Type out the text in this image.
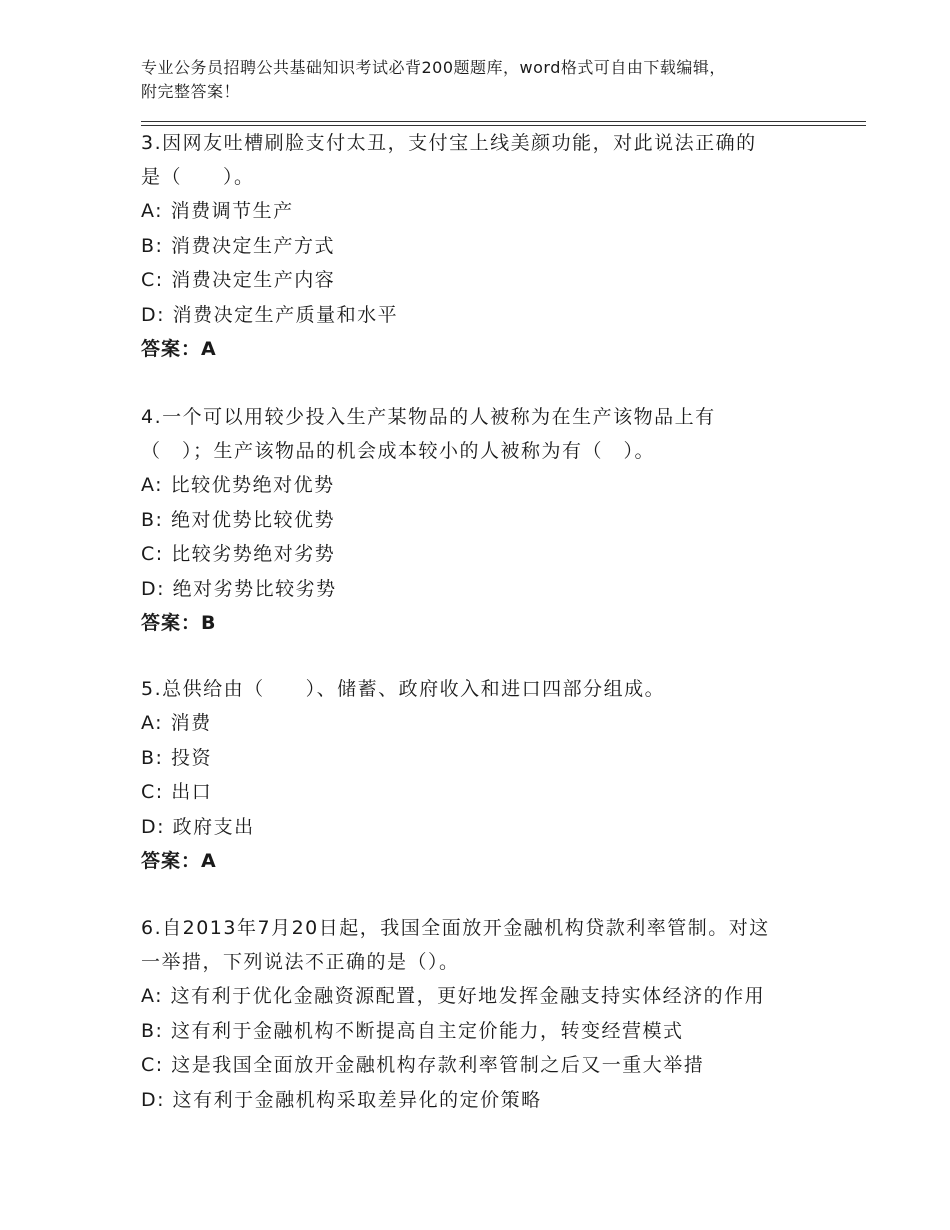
专业公务员招聘公共基础知识考试必背200题题库，word格式可自由下载编辑，
附完整答案！
3.因网友吐槽刷脸支付太丑，支付宝上线美颜功能，对此说法正确的
是（　　）。
A: 消费调节生产
B: 消费决定生产方式
C: 消费决定生产内容
D: 消费决定生产质量和水平
答案：A
4.一个可以用较少投入生产某物品的人被称为在生产该物品上有
（　）；生产该物品的机会成本较小的人被称为有（　）。
A: 比较优势绝对优势
B: 绝对优势比较优势
C: 比较劣势绝对劣势
D: 绝对劣势比较劣势
答案：B
5.总供给由（　　）、储蓄、政府收入和进口四部分组成。
A: 消费
B: 投资
C: 出口
D: 政府支出
答案：A
6.自2013年7月20日起，我国全面放开金融机构贷款利率管制。对这
一举措，下列说法不正确的是（）。
A: 这有利于优化金融资源配置，更好地发挥金融支持实体经济的作用
B: 这有利于金融机构不断提高自主定价能力，转变经营模式
C: 这是我国全面放开金融机构存款利率管制之后又一重大举措
D: 这有利于金融机构采取差异化的定价策略
